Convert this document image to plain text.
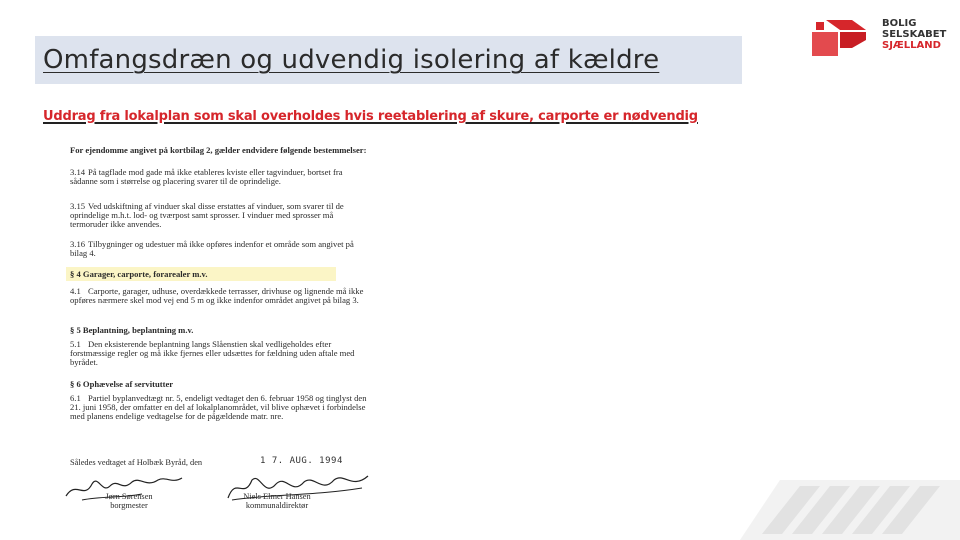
Omfangsdræn og udvendig isolering af kældre
Uddrag fra lokalplan som skal overholdes hvis reetablering af skure, carporte er nødvendig
BOLIG
SELSKABET
SJÆLLAND
For ejendomme angivet på kortbilag 2, gælder endvidere følgende bestemmelser:
3.14 På tagflade mod gade må ikke etableres kviste eller tagvinduer, bortset fra sådanne som i størrelse og placering svarer til de oprindelige.
3.15 Ved udskiftning af vinduer skal disse erstattes af vinduer, som svarer til de oprindelige m.h.t. lod- og tværpost samt sprosser. I vinduer med sprosser må termoruder ikke anvendes.
3.16 Tilbygninger og udestuer må ikke opføres indenfor et område som angivet på bilag 4.
§ 4 Garager, carporte, forarealer m.v.
4.1 Carporte, garager, udhuse, overdækkede terrasser, drivhuse og lignende må ikke opføres nærmere skel mod vej end 5 m og ikke indenfor området angivet på bilag 3.
§ 5 Beplantning, beplantning m.v.
5.1 Den eksisterende beplantning langs Slåenstien skal vedligeholdes efter forstmæssige regler og må ikke fjernes eller udsættes for fældning uden aftale med byrådet.
§ 6 Ophævelse af servitutter
6.1 Partiel byplanvedtægt nr. 5, endeligt vedtaget den 6. februar 1958 og tinglyst den 21. juni 1958, der omfatter en del af lokalplanområdet, vil blive ophævet i forbindelse med planens endelige vedtagelse for de pågældende matr. nre.
Således vedtaget af Holbæk Byråd, den	1 7. AUG. 1994
Jørn Sørensen
borgmester
Niels Elmer Hansen
kommunaldirektør
